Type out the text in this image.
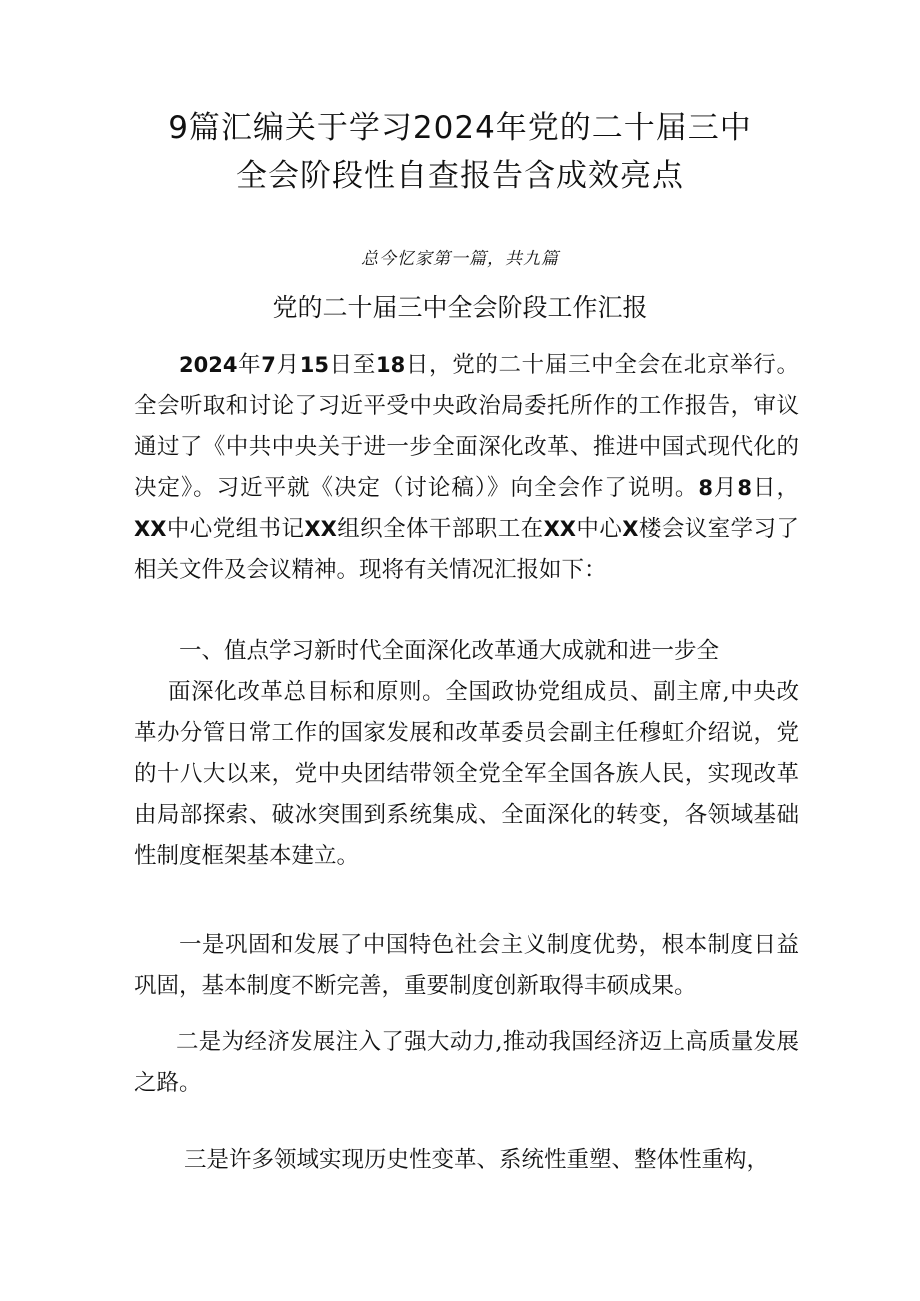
9篇汇编关于学习2024年党的二十届三中
全会阶段性自查报告含成效亮点

总今忆家第一篇，共九篇

党的二十届三中全会阶段工作汇报

2024年7月15日至18日，党的二十届三中全会在北京举行。全会听取和讨论了习近平受中央政治局委托所作的工作报告，审议通过了《中共中央关于进一步全面深化改革、推进中国式现代化的决定》。习近平就《决定（讨论稿）》向全会作了说明。8月8日，XX中心党组书记XX组织全体干部职工在XX中心X楼会议室学习了相关文件及会议精神。现将有关情况汇报如下：

一、值点学习新时代全面深化改革通大成就和进一步全

面深化改革总目标和原则。全国政协党组成员、副主席,中央改革办分管日常工作的国家发展和改革委员会副主任穆虹介绍说，党的十八大以来，党中央团结带领全党全军全国各族人民，实现改革由局部探索、破冰突围到系统集成、全面深化的转变，各领域基础性制度框架基本建立。

一是巩固和发展了中国特色社会主义制度优势，根本制度日益巩固，基本制度不断完善，重要制度创新取得丰硕成果。

二是为经济发展注入了强大动力,推动我国经济迈上高质量发展之路。

三是许多领域实现历史性变革、系统性重塑、整体性重构，
